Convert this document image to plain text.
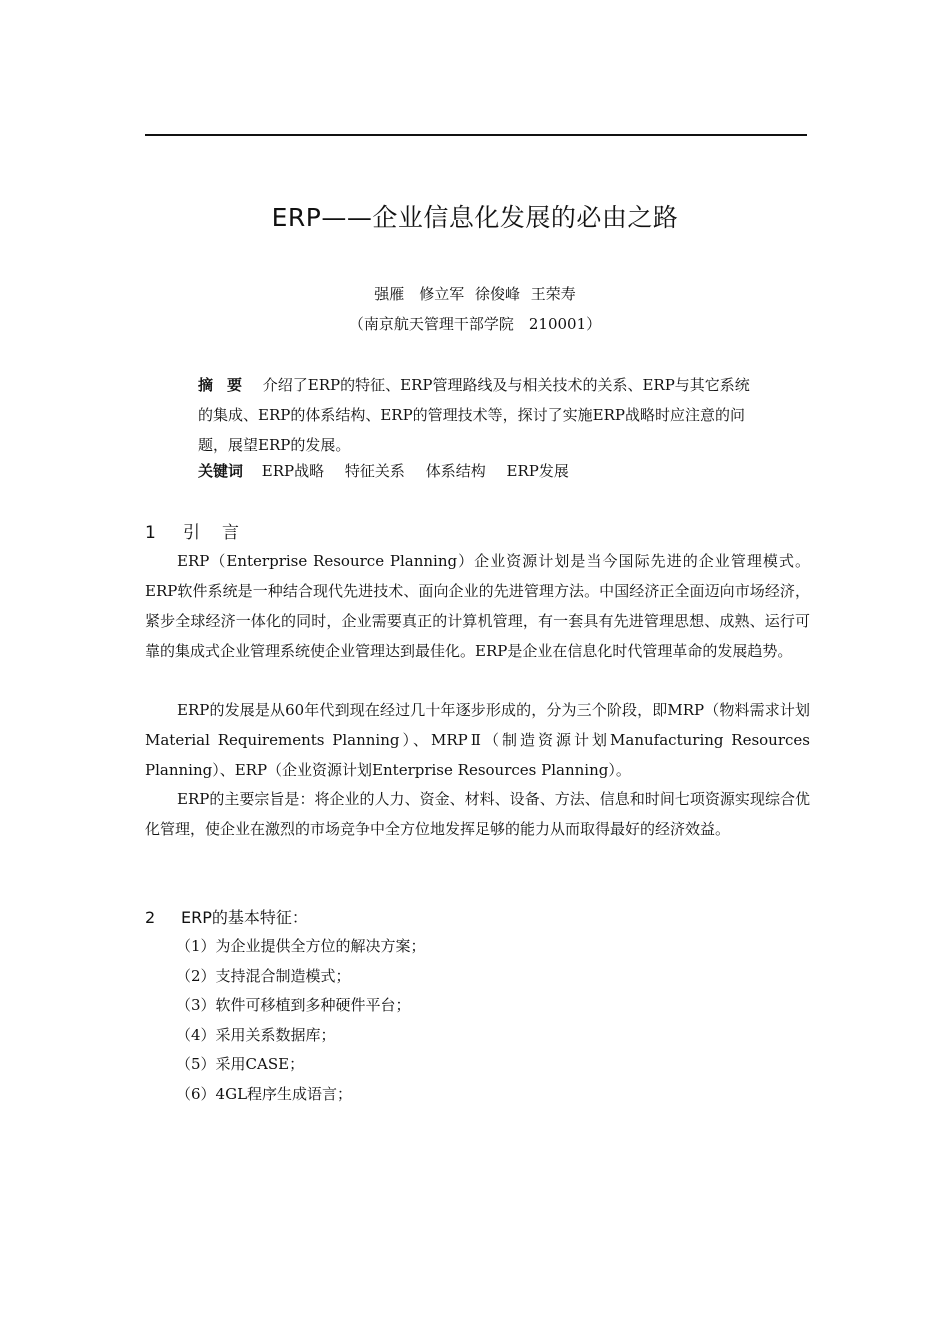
ERP——企业信息化发展的必由之路
强雁　修立军 徐俊峰 王荣寿
（南京航天管理干部学院　210001）
摘要 介绍了ERP的特征、ERP管理路线及与相关技术的关系、ERP与其它系统的集成、ERP的体系结构、ERP的管理技术等，探讨了实施ERP战略时应注意的问题，展望ERP的发展。
关键词 ERP战略 特征关系 体系结构 ERP发展
1 引言

ERP（Enterprise Resource Planning）企业资源计划是当今国际先进的企业管理模式。ERP软件系统是一种结合现代先进技术、面向企业的先进管理方法。中国经济正全面迈向市场经济，紧步全球经济一体化的同时，企业需要真正的计算机管理，有一套具有先进管理思想、成熟、运行可靠的集成式企业管理系统使企业管理达到最佳化。ERP是企业在信息化时代管理革命的发展趋势。

ERP的发展是从60年代到现在经过几十年逐步形成的，分为三个阶段，即MRP（物料需求计划Material Requirements Planning）、MRPⅡ（制造资源计划Manufacturing Resources Planning）、ERP（企业资源计划Enterprise Resources Planning）。

ERP的主要宗旨是：将企业的人力、资金、材料、设备、方法、信息和时间七项资源实现综合优化管理，使企业在激烈的市场竞争中全方位地发挥足够的能力从而取得最好的经济效益。

2 ERP的基本特征：
（1）为企业提供全方位的解决方案；
（2）支持混合制造模式；
（3）软件可移植到多种硬件平台；
（4）采用关系数据库；
（5）采用CASE；
（6）4GL程序生成语言；
